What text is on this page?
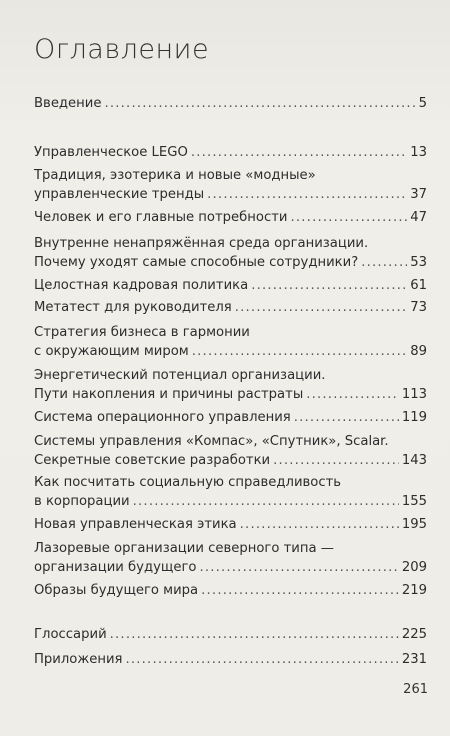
Оглавление
Введение .....	5
Управленческое LEGO .....	13
Традиция, эзотерика и новые «модные»
управленческие тренды .....	37
Человек и его главные потребности .....	47
Внутренне ненапряжённая среда организации.
Почему уходят самые способные сотрудники? .....	53
Целостная кадровая политика .....	61
Метатест для руководителя .....	73
Стратегия бизнеса в гармонии
с окружающим миром .....	89
Энергетический потенциал организации.
Пути накопления и причины растраты .....	113
Система операционного управления .....	119
Системы управления «Компас», «Спутник», Scalar.
Секретные советские разработки .....	143
Как посчитать социальную справедливость
в корпорации .....	155
Новая управленческая этика .....	195
Лазоревые организации северного типа —
организации будущего .....	209
Образы будущего мира .....	219
Глоссарий .....	225
Приложения .....	231
261
